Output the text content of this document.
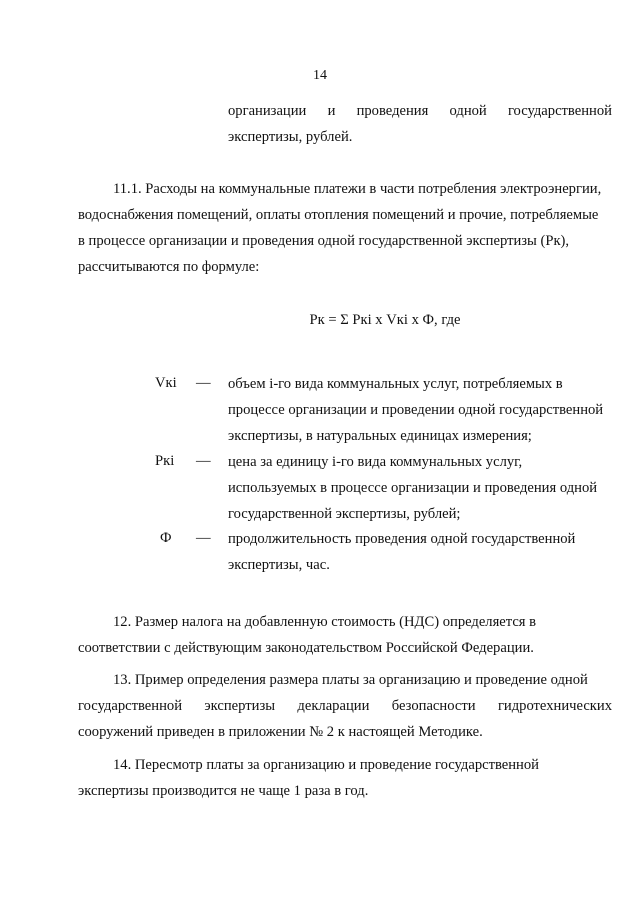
14
организации и проведения одной государственной
экспертизы, рублей.
11.1. Расходы на коммунальные платежи в части потребления электроэнергии,
водоснабжения помещений, оплаты отопления помещений и прочие, потребляемые
в процессе организации и проведения одной государственной экспертизы (Рк),
рассчитываются по формуле:
Рк = Σ Pкi х Vкi х Ф, где
Vкi — объем i-го вида коммунальных услуг, потребляемых в
процессе организации и проведении одной государственной
экспертизы, в натуральных единицах измерения;
Pкi — цена за единицу i-го вида коммунальных услуг,
используемых в процессе организации и проведения одной
государственной экспертизы, рублей;
Ф — продолжительность проведения одной государственной
экспертизы, час.
12. Размер налога на добавленную стоимость (НДС) определяется в
соответствии с действующим законодательством Российской Федерации.
13. Пример определения размера платы за организацию и проведение одной
государственной экспертизы декларации безопасности гидротехнических
сооружений приведен в приложении № 2 к настоящей Методике.
14. Пересмотр платы за организацию и проведение государственной
экспертизы производится не чаще 1 раза в год.
